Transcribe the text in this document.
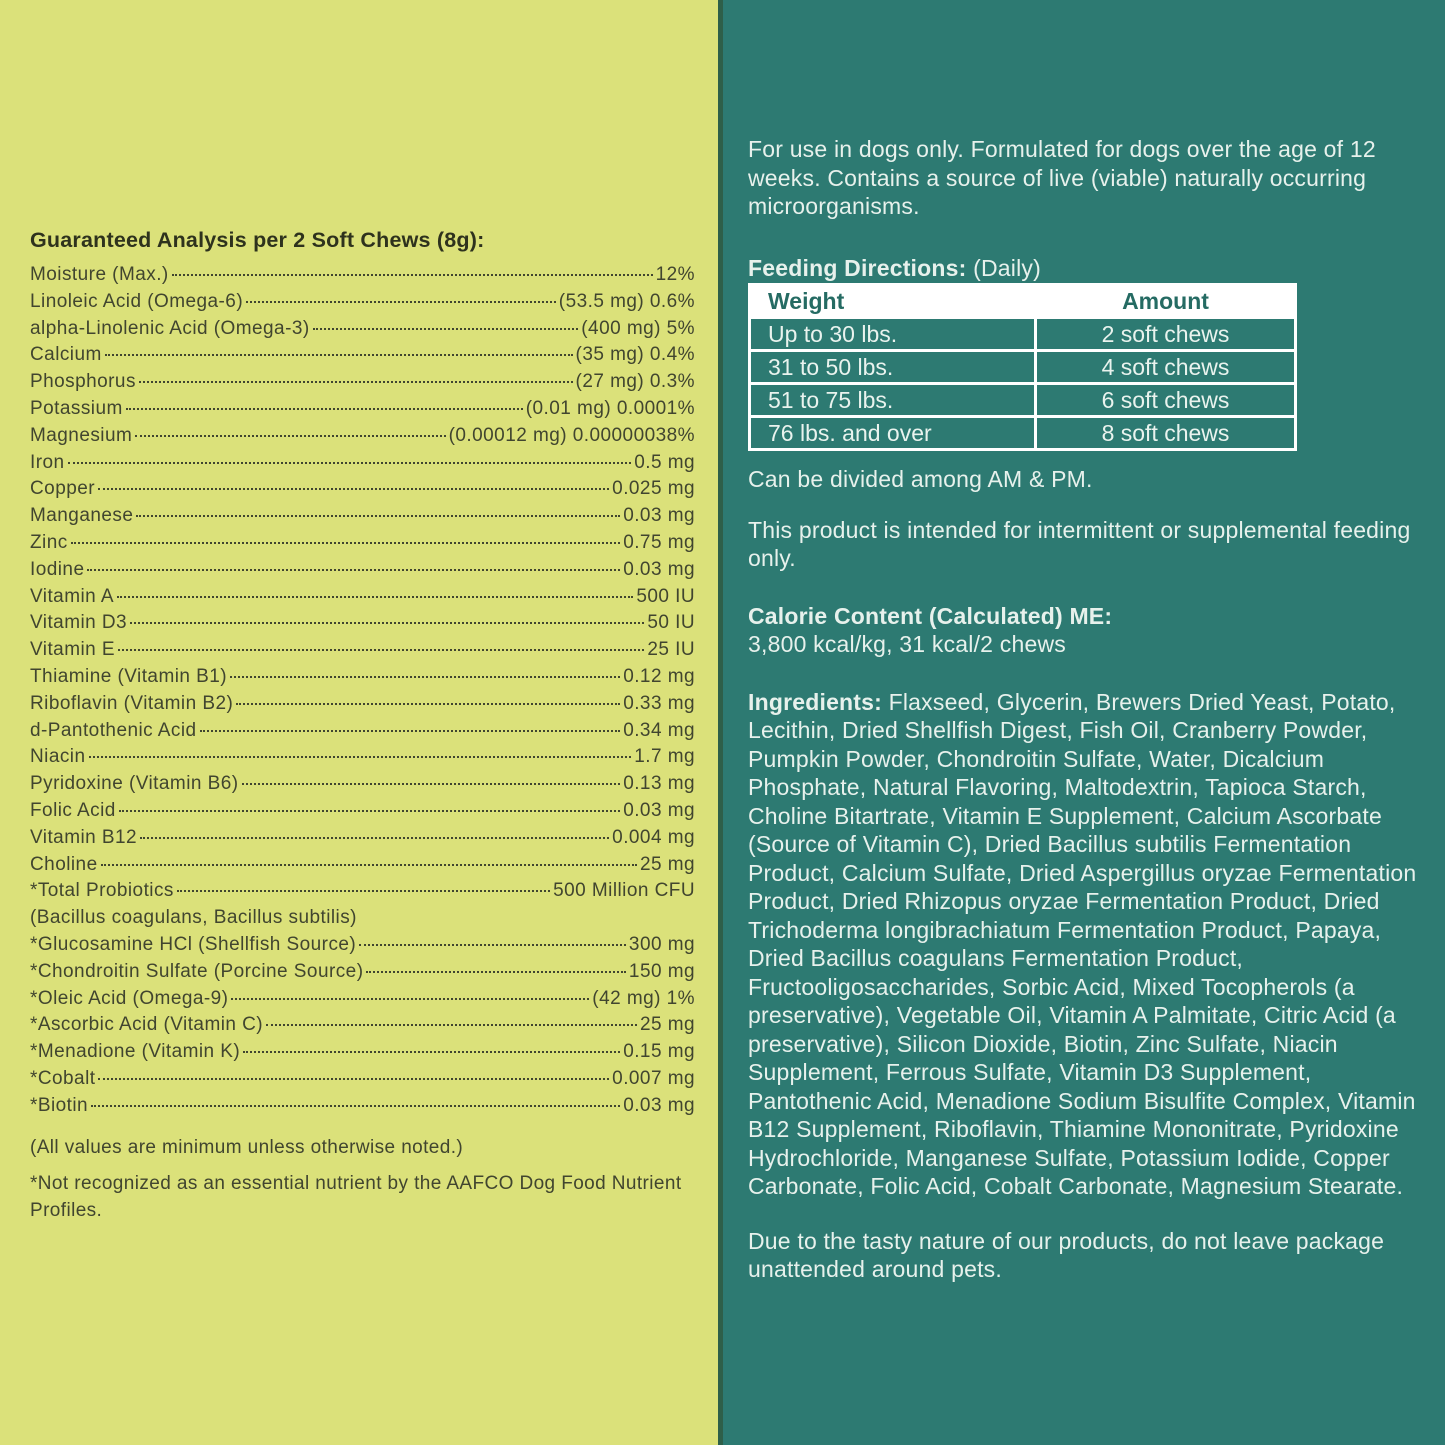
Guaranteed Analysis per 2 Soft Chews (8g):
Moisture (Max.)	12%
Linoleic Acid (Omega-6)	(53.5 mg) 0.6%
alpha-Linolenic Acid (Omega-3)	(400 mg) 5%
Calcium	(35 mg) 0.4%
Phosphorus	(27 mg) 0.3%
Potassium	(0.01 mg) 0.0001%
Magnesium	(0.00012 mg) 0.00000038%
Iron	0.5 mg
Copper	0.025 mg
Manganese	0.03 mg
Zinc	0.75 mg
Iodine	0.03 mg
Vitamin A	500 IU
Vitamin D3	50 IU
Vitamin E	25 IU
Thiamine (Vitamin B1)	0.12 mg
Riboflavin (Vitamin B2)	0.33 mg
d-Pantothenic Acid	0.34 mg
Niacin	1.7 mg
Pyridoxine (Vitamin B6)	0.13 mg
Folic Acid	0.03 mg
Vitamin B12	0.004 mg
Choline	25 mg
*Total Probiotics	500 Million CFU
(Bacillus coagulans, Bacillus subtilis)
*Glucosamine HCl (Shellfish Source)	300 mg
*Chondroitin Sulfate (Porcine Source)	150 mg
*Oleic Acid (Omega-9)	(42 mg) 1%
*Ascorbic Acid (Vitamin C)	25 mg
*Menadione (Vitamin K)	0.15 mg
*Cobalt	0.007 mg
*Biotin	0.03 mg

(All values are minimum unless otherwise noted.)

*Not recognized as an essential nutrient by the AAFCO Dog Food Nutrient Profiles.

For use in dogs only. Formulated for dogs over the age of 12 weeks. Contains a source of live (viable) naturally occurring microorganisms.

Feeding Directions: (Daily)

Weight	Amount
Up to 30 lbs.	2 soft chews
31 to 50 lbs.	4 soft chews
51 to 75 lbs.	6 soft chews
76 lbs. and over	8 soft chews

Can be divided among AM & PM.

This product is intended for intermittent or supplemental feeding only.

Calorie Content (Calculated) ME:

3,800 kcal/kg, 31 kcal/2 chews

Ingredients: Flaxseed, Glycerin, Brewers Dried Yeast, Potato, Lecithin, Dried Shellfish Digest, Fish Oil, Cranberry Powder, Pumpkin Powder, Chondroitin Sulfate, Water, Dicalcium Phosphate, Natural Flavoring, Maltodextrin, Tapioca Starch, Choline Bitartrate, Vitamin E Supplement, Calcium Ascorbate (Source of Vitamin C), Dried Bacillus subtilis Fermentation Product, Calcium Sulfate, Dried Aspergillus oryzae Fermentation Product, Dried Rhizopus oryzae Fermentation Product, Dried Trichoderma longibrachiatum Fermentation Product, Papaya, Dried Bacillus coagulans Fermentation Product, Fructooligosaccharides, Sorbic Acid, Mixed Tocopherols (a preservative), Vegetable Oil, Vitamin A Palmitate, Citric Acid (a preservative), Silicon Dioxide, Biotin, Zinc Sulfate, Niacin Supplement, Ferrous Sulfate, Vitamin D3 Supplement, Pantothenic Acid, Menadione Sodium Bisulfite Complex, Vitamin B12 Supplement, Riboflavin, Thiamine Mononitrate, Pyridoxine Hydrochloride, Manganese Sulfate, Potassium Iodide, Copper Carbonate, Folic Acid, Cobalt Carbonate, Magnesium Stearate.

Due to the tasty nature of our products, do not leave package unattended around pets.
